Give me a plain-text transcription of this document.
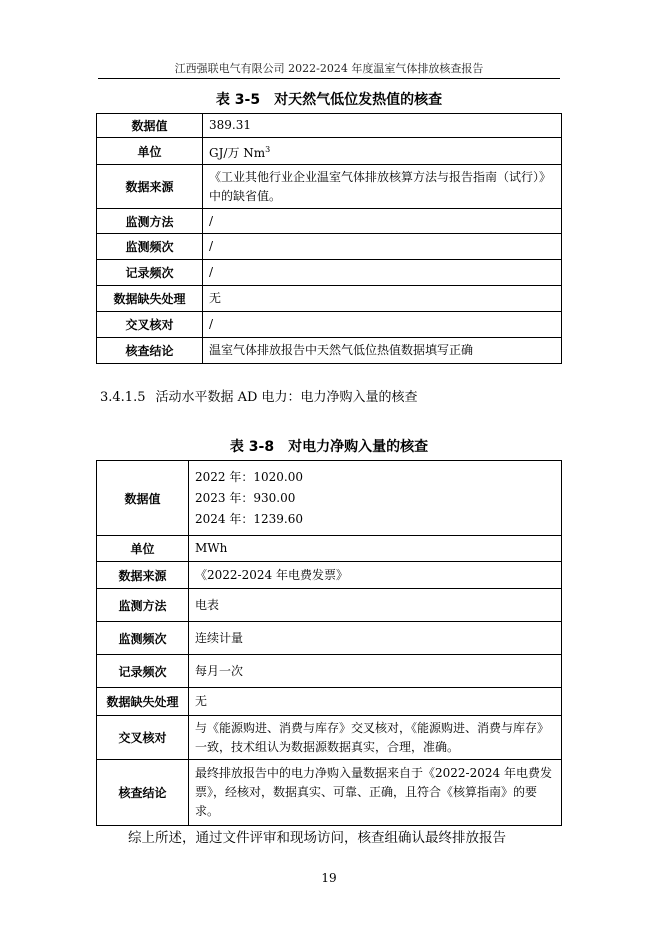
江西强联电气有限公司 2022-2024 年度温室气体排放核查报告
表 3-5 对天然气低位发热值的核查
数据值	389.31
单位	GJ/万 Nm$^3$
数据来源	《工业其他行业企业温室气体排放核算方法与报告指南（试行）》中的缺省值。
监测方法	/
监测频次	/
记录频次	/
数据缺失处理	无
交叉核对	/
核查结论	温室气体排放报告中天然气低位热值数据填写正确
3.4.1.5 活动水平数据 AD 电力：电力净购入量的核查
表 3-8 对电力净购入量的核查
数据值	2022 年：1020.00
2023 年：930.00
2024 年：1239.60

单位	MWh
数据来源	《2022-2024 年电费发票》
监测方法	电表
监测频次	连续计量
记录频次	每月一次
数据缺失处理	无
交叉核对	与《能源购进、消费与库存》交叉核对，《能源购进、消费与库存》一致，技术组认为数据源数据真实，合理，准确。
核查结论	最终排放报告中的电力净购入量数据来自于《2022-2024 年电费发票》，经核对，数据真实、可靠、正确，且符合《核算指南》的要求。
综上所述，通过文件评审和现场访问，核查组确认最终排放报告
19
